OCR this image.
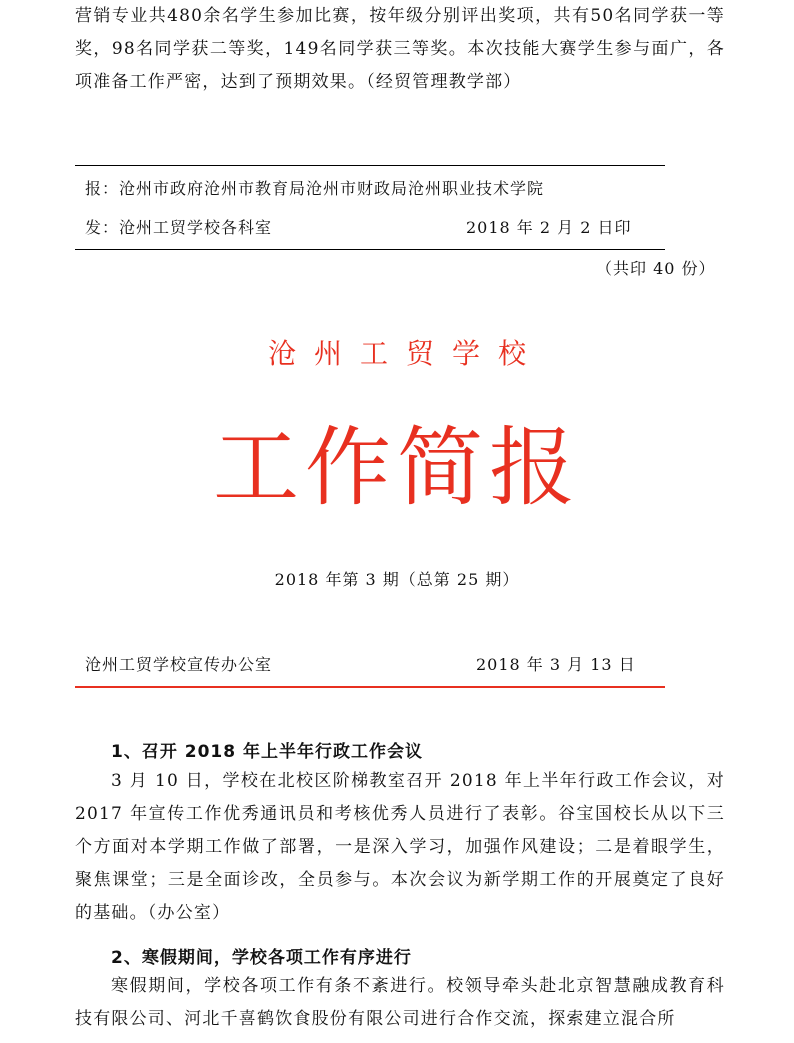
营销专业共480余名学生参加比赛，按年级分别评出奖项，共有50名同学获一等奖，98名同学获二等奖，149名同学获三等奖。本次技能大赛学生参与面广，各项准备工作严密，达到了预期效果。（经贸管理教学部）

报：沧州市政府沧州市教育局沧州市财政局沧州职业技术学院
发：沧州工贸学校各科室	2018 年 2 月 2 日印
（共印 40 份）
沧州工贸学校
工作简报
2018 年第 3 期（总第 25 期）
沧州工贸学校宣传办公室	2018 年 3 月 13 日
1、召开 2018 年上半年行政工作会议

3 月 10 日，学校在北校区阶梯教室召开 2018 年上半年行政工作会议，对 2017 年宣传工作优秀通讯员和考核优秀人员进行了表彰。谷宝国校长从以下三个方面对本学期工作做了部署，一是深入学习，加强作风建设；二是着眼学生，聚焦课堂；三是全面诊改，全员参与。本次会议为新学期工作的开展奠定了良好的基础。（办公室）

2、寒假期间，学校各项工作有序进行

寒假期间，学校各项工作有条不紊进行。校领导牵头赴北京智慧融成教育科技有限公司、河北千喜鹤饮食股份有限公司进行合作交流，探索建立混合所
